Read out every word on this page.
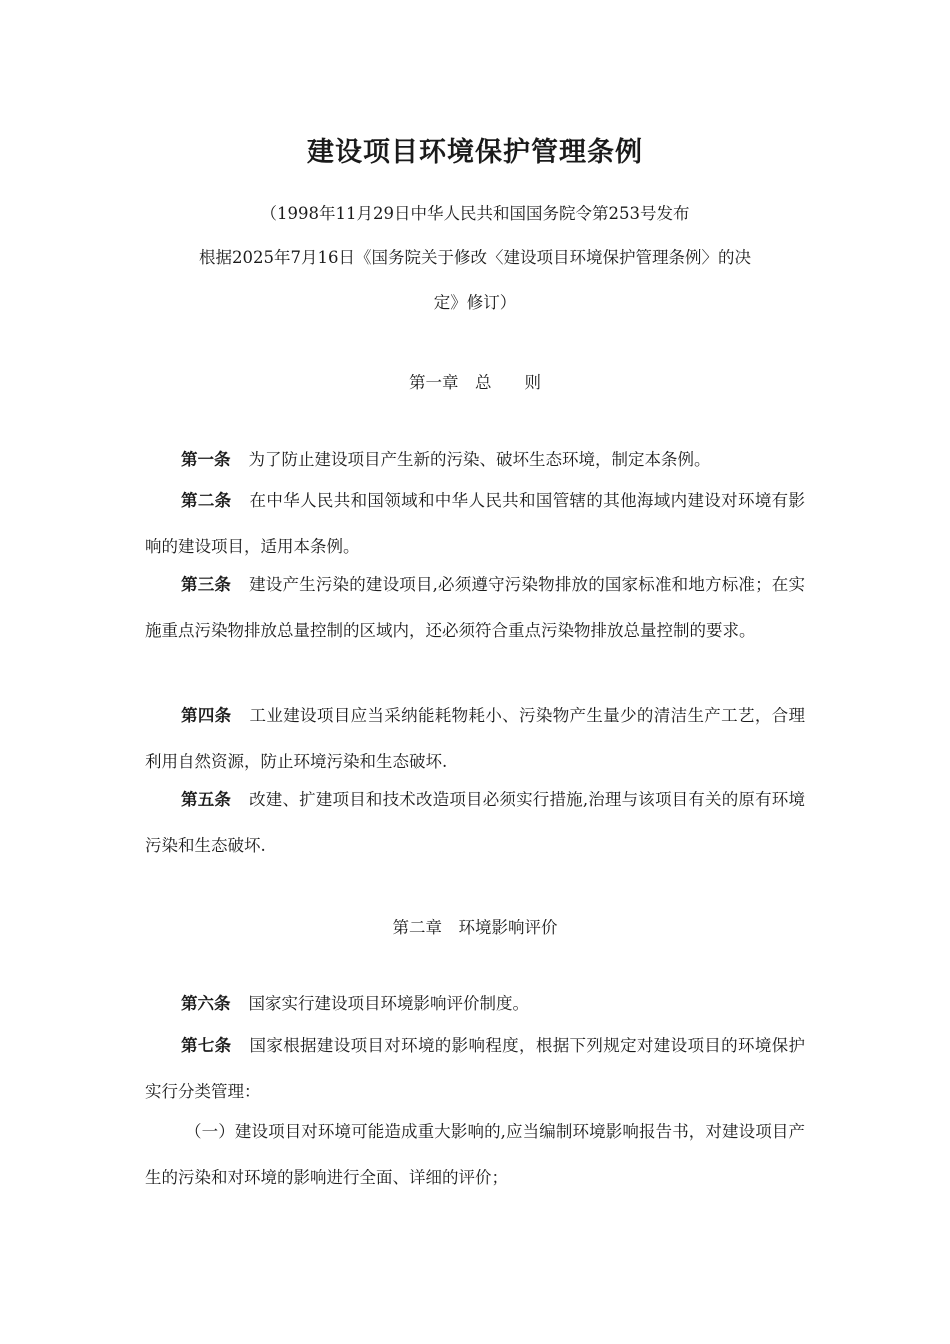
建设项目环境保护管理条例

（1998年11月29日中华人民共和国国务院令第253号发布

根据2025年7月16日《国务院关于修改〈建设项目环境保护管理条例〉的决

定》修订）

第一章　总　　则

第一条 为了防止建设项目产生新的污染、破坏生态环境，制定本条例。

第二条 在中华人民共和国领域和中华人民共和国管辖的其他海域内建设对环境有影响的建设项目，适用本条例。

第三条 建设产生污染的建设项目,必须遵守污染物排放的国家标准和地方标准；在实施重点污染物排放总量控制的区域内，还必须符合重点污染物排放总量控制的要求。

第四条 工业建设项目应当采纳能耗物耗小、污染物产生量少的清洁生产工艺，合理利用自然资源，防止环境污染和生态破坏.

第五条 改建、扩建项目和技术改造项目必须实行措施,治理与该项目有关的原有环境污染和生态破坏.

第二章　环境影响评价

第六条 国家实行建设项目环境影响评价制度。

第七条 国家根据建设项目对环境的影响程度，根据下列规定对建设项目的环境保护实行分类管理：

（一）建设项目对环境可能造成重大影响的,应当编制环境影响报告书，对建设项目产生的污染和对环境的影响进行全面、详细的评价；
